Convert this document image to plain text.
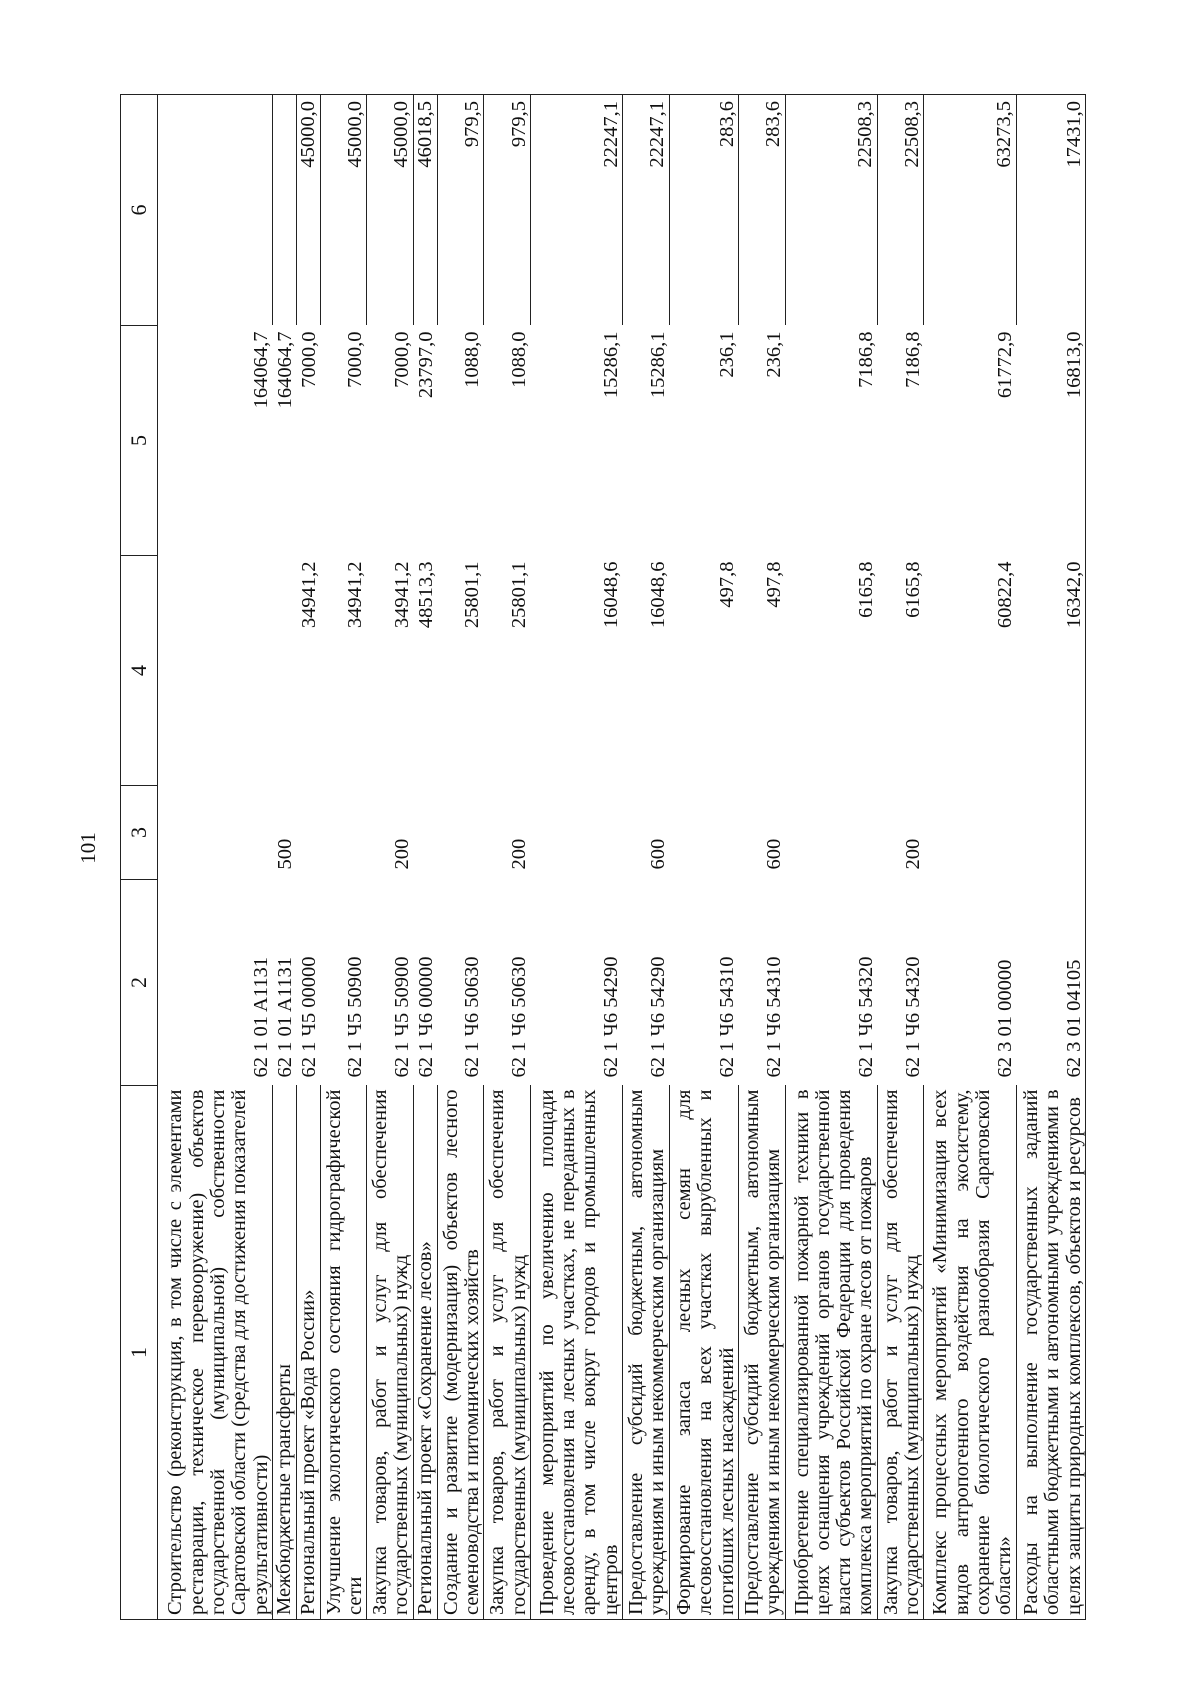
101
1	2	3	4	5	6
Строительство (реконструкция, в том числе с элементами реставрации, техническое перевооружение) объектов государственной (муниципальной) собственности Саратовской области (средства для достижения показателей результативности)	62 1 01 A1131			164064,7	
Межбюджетные трансферты	62 1 01 A1131	500		164064,7	
Региональный проект «Вода России»	62 1 Ч5 00000		34941,2	7000,0	45000,0
Улучшение экологического состояния гидрографической сети	62 1 Ч5 50900		34941,2	7000,0	45000,0
Закупка товаров, работ и услуг для обеспечения государственных (муниципальных) нужд	62 1 Ч5 50900	200	34941,2	7000,0	45000,0
Региональный проект «Сохранение лесов»	62 1 Ч6 00000		48513,3	23797,0	46018,5
Создание и развитие (модернизация) объектов лесного семеноводства и питомнических хозяйств	62 1 Ч6 50630		25801,1	1088,0	979,5
Закупка товаров, работ и услуг для обеспечения государственных (муниципальных) нужд	62 1 Ч6 50630	200	25801,1	1088,0	979,5
Проведение мероприятий по увеличению площади лесовосстановления на лесных участках, не переданных в аренду, в том числе вокруг городов и промышленных центров	62 1 Ч6 54290		16048,6	15286,1	22247,1
Предоставление субсидий бюджетным, автономным учреждениям и иным некоммерческим организациям	62 1 Ч6 54290	600	16048,6	15286,1	22247,1
Формирование запаса лесных семян для лесовосстановления на всех участках вырубленных и погибших лесных насаждений	62 1 Ч6 54310		497,8	236,1	283,6
Предоставление субсидий бюджетным, автономным учреждениям и иным некоммерческим организациям	62 1 Ч6 54310	600	497,8	236,1	283,6
Приобретение специализированной пожарной техники в целях оснащения учреждений органов государственной власти субъектов Российской Федерации для проведения комплекса мероприятий по охране лесов от пожаров	62 1 Ч6 54320		6165,8	7186,8	22508,3
Закупка товаров, работ и услуг для обеспечения государственных (муниципальных) нужд	62 1 Ч6 54320	200	6165,8	7186,8	22508,3
Комплекс процессных мероприятий «Минимизация всех видов антропогенного воздействия на экосистему, сохранение биологического разнообразия Саратовской области»	62 3 01 00000		60822,4	61772,9	63273,5
Расходы на выполнение государственных заданий областными бюджетными и автономными учреждениями в целях защиты природных комплексов, объектов и ресурсов	62 3 01 04105		16342,0	16813,0	17431,0
